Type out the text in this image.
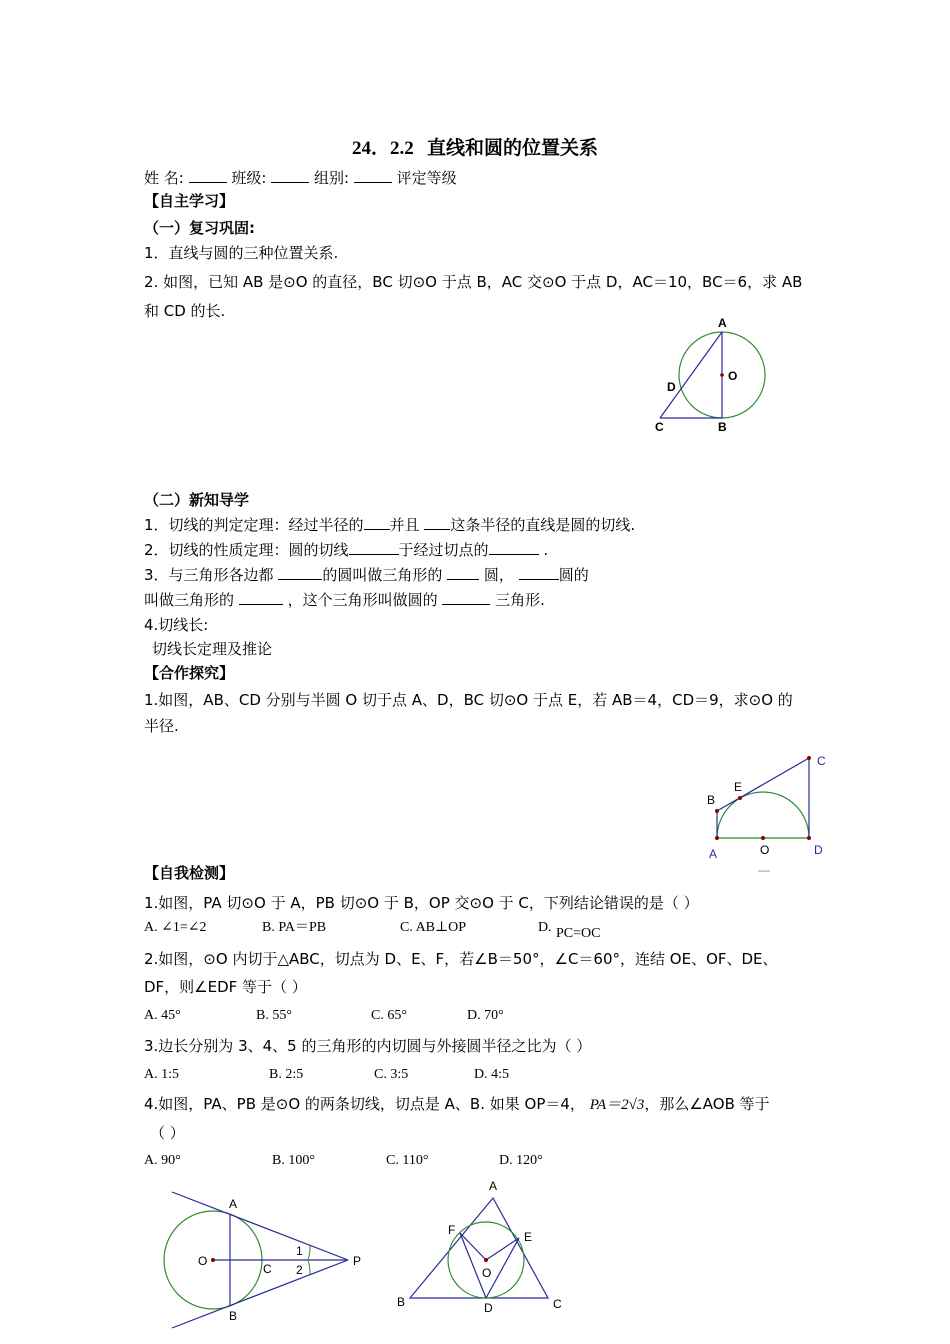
24．2.2 直线和圆的位置关系
姓 名:	班级:	组别:	评定等级
【自主学习】
（一）复习巩固:
1．直线与圆的三种位置关系.
2. 如图，已知 AB 是⊙O 的直径，BC 切⊙O 于点 B，AC 交⊙O 于点 D，AC＝10，BC＝6，求 AB
和 CD 的长.
A
O
D
C	B
（二）新知导学
1．切线的判定定理：经过半径的 并且 这条半径的直线是圆的切线.
2．切线的性质定理：圆的切线	于经过切点的	.
3．与三角形各边都	的圆叫做三角形的	圆，	圆的
叫做三角形的	，这个三角形叫做圆的	三角形.
4.切线长:
切线长定理及推论
【合作探究】
1.如图，AB、CD 分别与半圆 O 切于点 A、D，BC 切⊙O 于点 E，若 AB＝4，CD＝9，求⊙O 的
半径.
C
E
B
A	O	D
—
【自我检测】
1.如图，PA 切⊙O 于 A，PB 切⊙O 于 B，OP 交⊙O 于 C，下列结论错误的是（ ）
A. ∠1=∠2	B. PA＝PB	C. AB⊥OP	D. PC=OC
2.如图，⊙O 内切于△ABC，切点为 D、E、F，若∠B＝50°，∠C＝60°，连结 OE、OF、DE、
DF，则∠EDF 等于（ ）
A. 45°	B. 55°	C. 65°	D. 70°
3.边长分别为 3、4、5 的三角形的内切圆与外接圆半径之比为（ ）
A. 1:5	B. 2:5	C. 3:5	D. 4:5
4.如图，PA、PB 是⊙O 的两条切线，切点是 A、B. 如果 OP＝4， PA＝2√3，那么∠AOB 等于
（ ）
A. 90°	B. 100°	C. 110°	D. 120°
A
O
C
1
2
P
B
A
F	E
O
B	D	C
